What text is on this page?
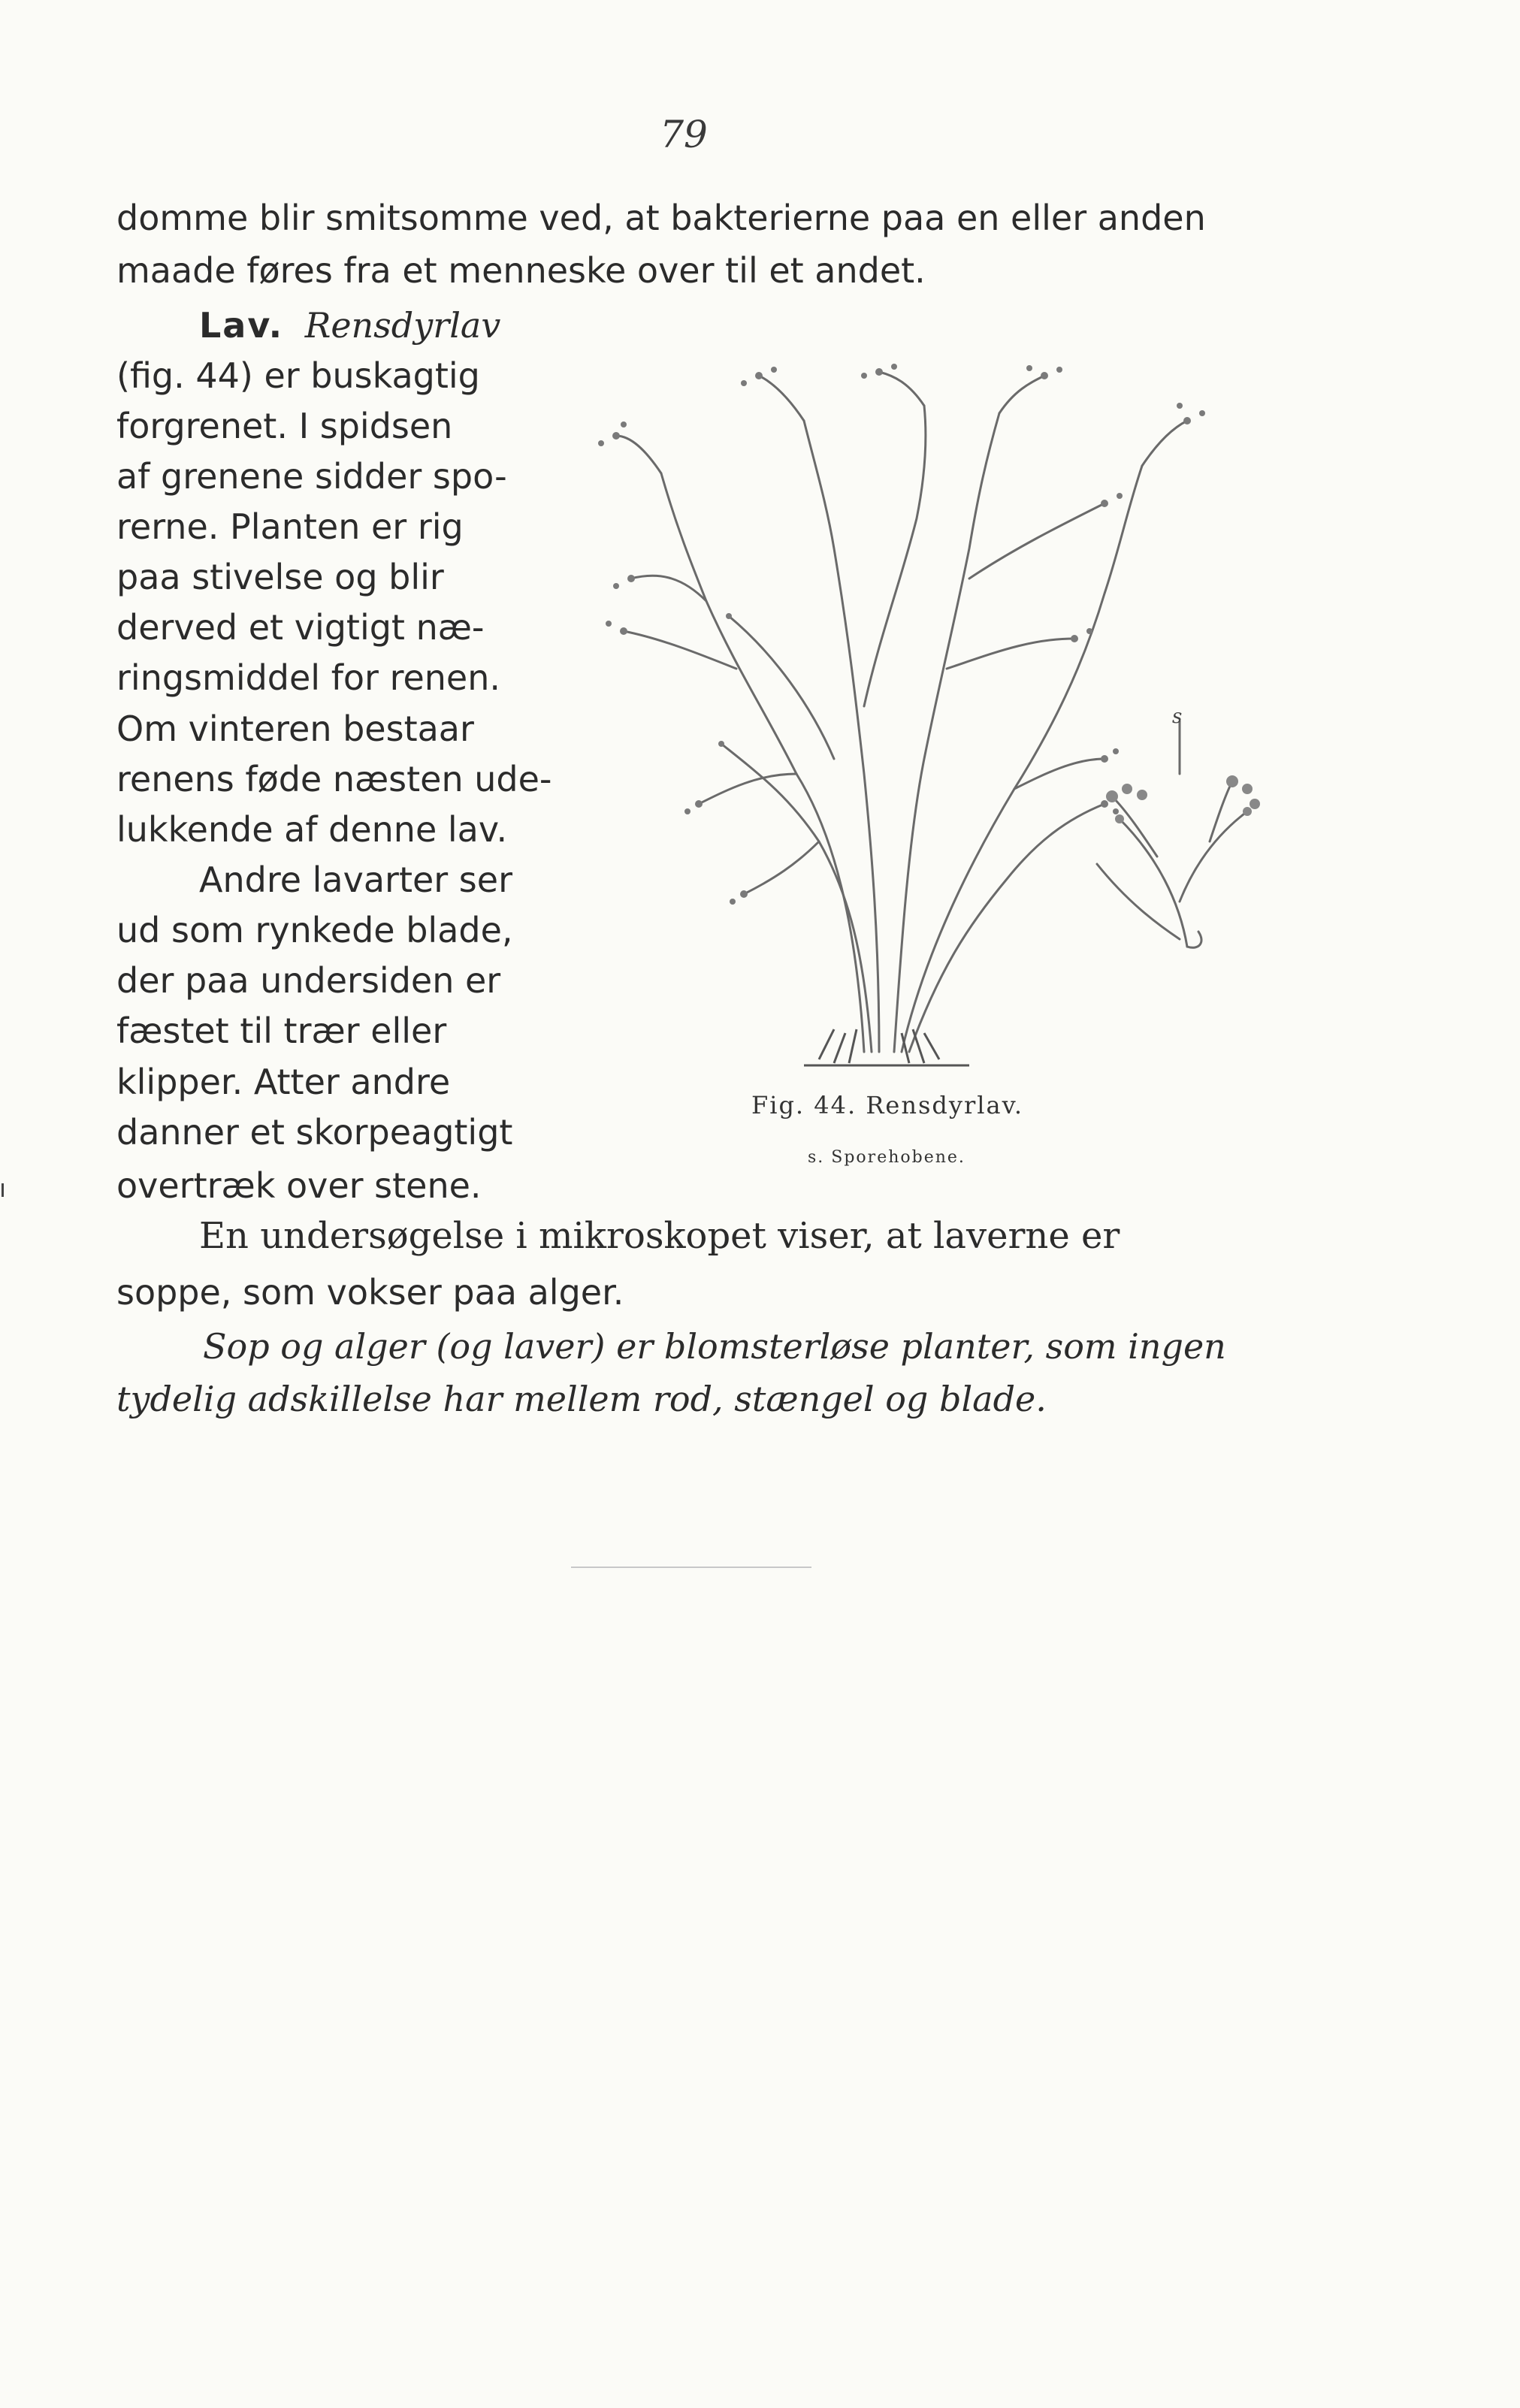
79
domme blir smitsomme ved, at bakterierne paa en eller anden
maade føres fra et menneske over til et andet.
Lav. Rensdyrlav
(fig. 44) er buskagtig
forgrenet. I spidsen
af grenene sidder spo-
rerne. Planten er rig
paa stivelse og blir
derved et vigtigt næ-
ringsmiddel for renen.
Om vinteren bestaar
renens føde næsten ude-
lukkende af denne lav.
Andre lavarter ser
ud som rynkede blade,
der paa undersiden er
fæstet til trær eller
klipper. Atter andre
danner et skorpeagtigt
overtræk over stene.
En undersøgelse i mikroskopet viser, at laverne er
soppe, som vokser paa alger.
Sop og alger (og laver) er blomsterløse planter, som ingen
tydelig adskillelse har mellem rod, stængel og blade.
s
Fig. 44. Rensdyrlav.
s. Sporehobene.
